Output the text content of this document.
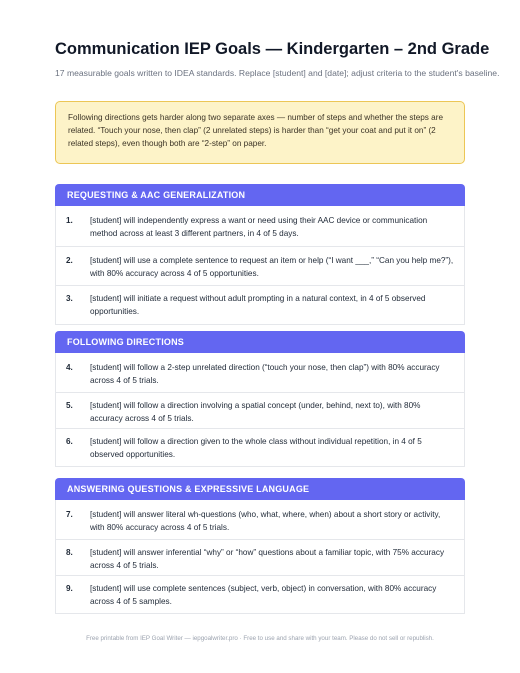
Communication IEP Goals — Kindergarten – 2nd Grade
17 measurable goals written to IDEA standards. Replace [student] and [date]; adjust criteria to the student's baseline.
Following directions gets harder along two separate axes — number of steps and whether the steps are related. “Touch your nose, then clap” (2 unrelated steps) is harder than “get your coat and put it on” (2 related steps), even though both are “2-step” on paper.
REQUESTING & AAC GENERALIZATION
1.	[student] will independently express a want or need using their AAC device or communication method across at least 3 different partners, in 4 of 5 days.
2.	[student] will use a complete sentence to request an item or help (“I want ___,” “Can you help me?”), with 80% accuracy across 4 of 5 opportunities.
3.	[student] will initiate a request without adult prompting in a natural context, in 4 of 5 observed opportunities.
FOLLOWING DIRECTIONS
4.	[student] will follow a 2-step unrelated direction (“touch your nose, then clap”) with 80% accuracy across 4 of 5 trials.
5.	[student] will follow a direction involving a spatial concept (under, behind, next to), with 80% accuracy across 4 of 5 trials.
6.	[student] will follow a direction given to the whole class without individual repetition, in 4 of 5 observed opportunities.
ANSWERING QUESTIONS & EXPRESSIVE LANGUAGE
7.	[student] will answer literal wh-questions (who, what, where, when) about a short story or activity, with 80% accuracy across 4 of 5 trials.
8.	[student] will answer inferential “why” or “how” questions about a familiar topic, with 75% accuracy across 4 of 5 trials.
9.	[student] will use complete sentences (subject, verb, object) in conversation, with 80% accuracy across 4 of 5 samples.
Free printable from IEP Goal Writer — iepgoalwriter.pro · Free to use and share with your team. Please do not sell or republish.
